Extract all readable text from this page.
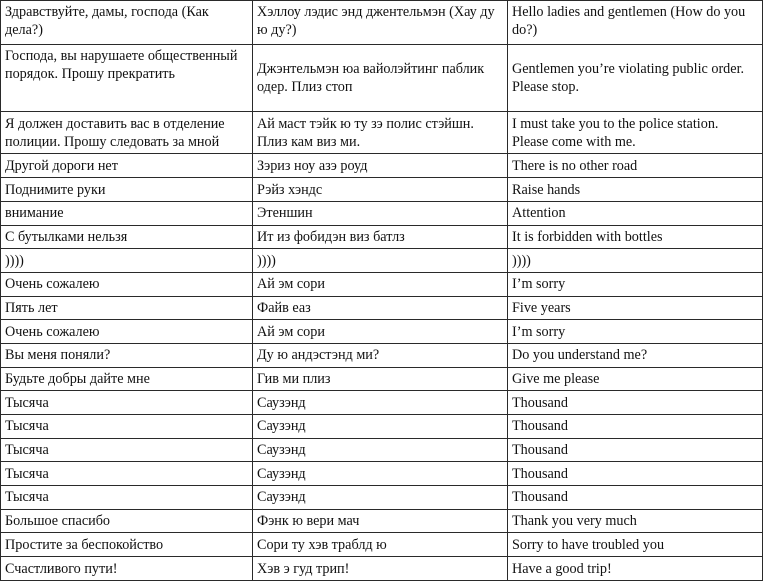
Здравствуйте, дамы, господа (Как дела?)	Хэллоу лэдис энд джентельмэн (Хау ду ю ду?)	Hello ladies and gentlemen (How do you do?)
Господа, вы нарушаете общественный порядок. Прошу прекратить	Джэнтельмэн юа вайолэйтинг паблик одер. Плиз стоп	Gentlemen you’re violating public order. Please stop.
Я должен доставить вас в отделение полиции. Прошу следовать за мной	Ай маст тэйк ю ту зэ полис стэйшн. Плиз кам виз ми.	I must take you to the police station. Please come with me.
Другой дороги нет	Зэриз ноу азэ роуд	There is no other road
Поднимите руки	Рэйз хэндс	Raise hands
внимание	Этеншин	Attention
С бутылками нельзя	Ит из фобидэн виз батлз	It is forbidden with bottles
))))	))))	))))
Очень сожалею	Ай эм сори	I’m sorry
Пять лет	Файв еаз	Five years
Очень сожалею	Ай эм сори	I’m sorry
Вы меня поняли?	Ду ю андэстэнд ми?	Do you understand me?
Будьте добры дайте мне	Гив ми плиз	Give me please
Тысяча	Саузэнд	Thousand
Тысяча	Саузэнд	Thousand
Тысяча	Саузэнд	Thousand
Тысяча	Саузэнд	Thousand
Тысяча	Саузэнд	Thousand
Большое спасибо	Фэнк ю вери мач	Thank you very much
Простите за беспокойство	Сори ту хэв траблд ю	Sorry to have troubled you
Счастливого пути!	Хэв э гуд трип!	Have a good trip!
